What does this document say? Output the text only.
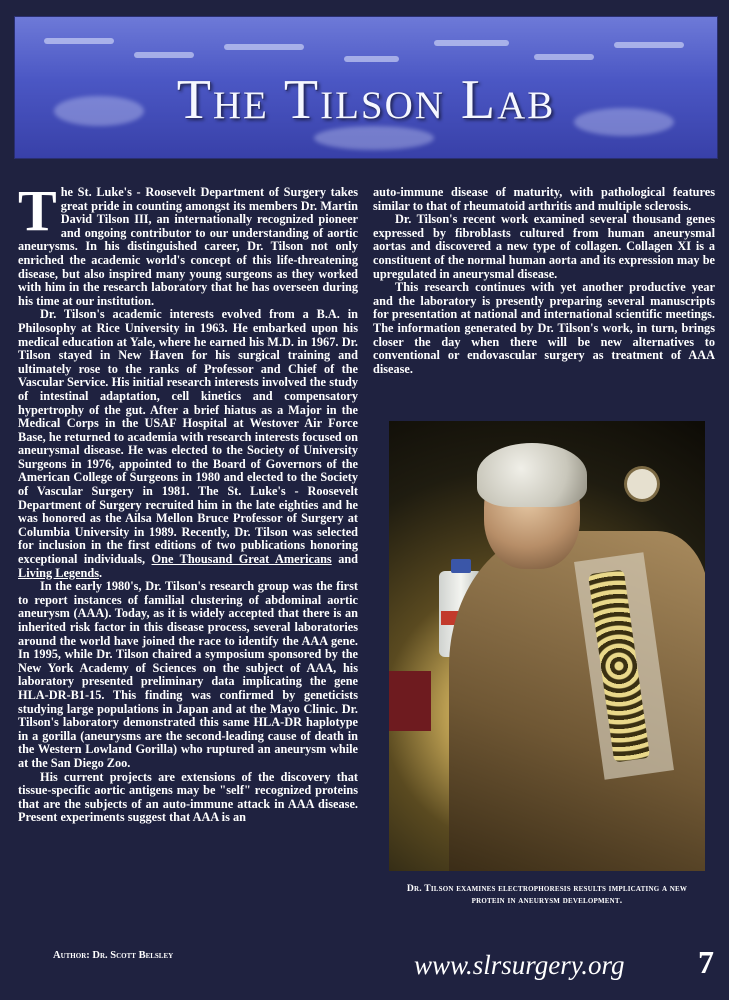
The Tilson Lab

The St. Luke's - Roosevelt Department of Surgery takes great pride in counting amongst its members Dr. Martin David Tilson III, an internationally recognized pioneer and ongoing contributor to our understanding of aortic aneurysms. In his distinguished career, Dr. Tilson not only enriched the academic world's concept of this life-threatening disease, but also inspired many young surgeons as they worked with him in the research laboratory that he has overseen during his time at our institution.

Dr. Tilson's academic interests evolved from a B.A. in Philosophy at Rice University in 1963. He embarked upon his medical education at Yale, where he earned his M.D. in 1967. Dr. Tilson stayed in New Haven for his surgical training and ultimately rose to the ranks of Professor and Chief of the Vascular Service. His initial research interests involved the study of intestinal adaptation, cell kinetics and compensatory hypertrophy of the gut. After a brief hiatus as a Major in the Medical Corps in the USAF Hospital at Westover Air Force Base, he returned to academia with research interests focused on aneurysmal disease. He was elected to the Society of University Surgeons in 1976, appointed to the Board of Governors of the American College of Surgeons in 1980 and elected to the Society of Vascular Surgery in 1981. The St. Luke's - Roosevelt Department of Surgery recruited him in the late eighties and he was honored as the Ailsa Mellon Bruce Professor of Surgery at Columbia University in 1989. Recently, Dr. Tilson was selected for inclusion in the first editions of two publications honoring exceptional individuals, One Thousand Great Americans and Living Legends.

In the early 1980's, Dr. Tilson's research group was the first to report instances of familial clustering of abdominal aortic aneurysm (AAA). Today, as it is widely accepted that there is an inherited risk factor in this disease process, several laboratories around the world have joined the race to identify the AAA gene. In 1995, while Dr. Tilson chaired a symposium sponsored by the New York Academy of Sciences on the subject of AAA, his laboratory presented preliminary data implicating the gene HLA-DR-B1-15. This finding was confirmed by geneticists studying large populations in Japan and at the Mayo Clinic. Dr. Tilson's laboratory demonstrated this same HLA-DR haplotype in a gorilla (aneurysms are the second-leading cause of death in the Western Lowland Gorilla) who ruptured an aneurysm while at the San Diego Zoo.

His current projects are extensions of the discovery that tissue-specific aortic antigens may be "self" recognized proteins that are the subjects of an auto-immune attack in AAA disease. Present experiments suggest that AAA is an

auto-immune disease of maturity, with pathological features similar to that of rheumatoid arthritis and multiple sclerosis.

Dr. Tilson's recent work examined several thousand genes expressed by fibroblasts cultured from human aneurysmal aortas and discovered a new type of collagen. Collagen XI is a constituent of the normal human aorta and its expression may be upregulated in aneurysmal disease.

This research continues with yet another productive year and the laboratory is presently preparing several manuscripts for presentation at national and international scientific meetings. The information generated by Dr. Tilson's work, in turn, brings closer the day when there will be new alternatives to conventional or endovascular surgery as treatment of AAA disease.

Dr. Tilson examines electrophoresis results implicating a new protein in aneurysm development.
Author: Dr. Scott Belsley	www.slrsurgery.org 7
